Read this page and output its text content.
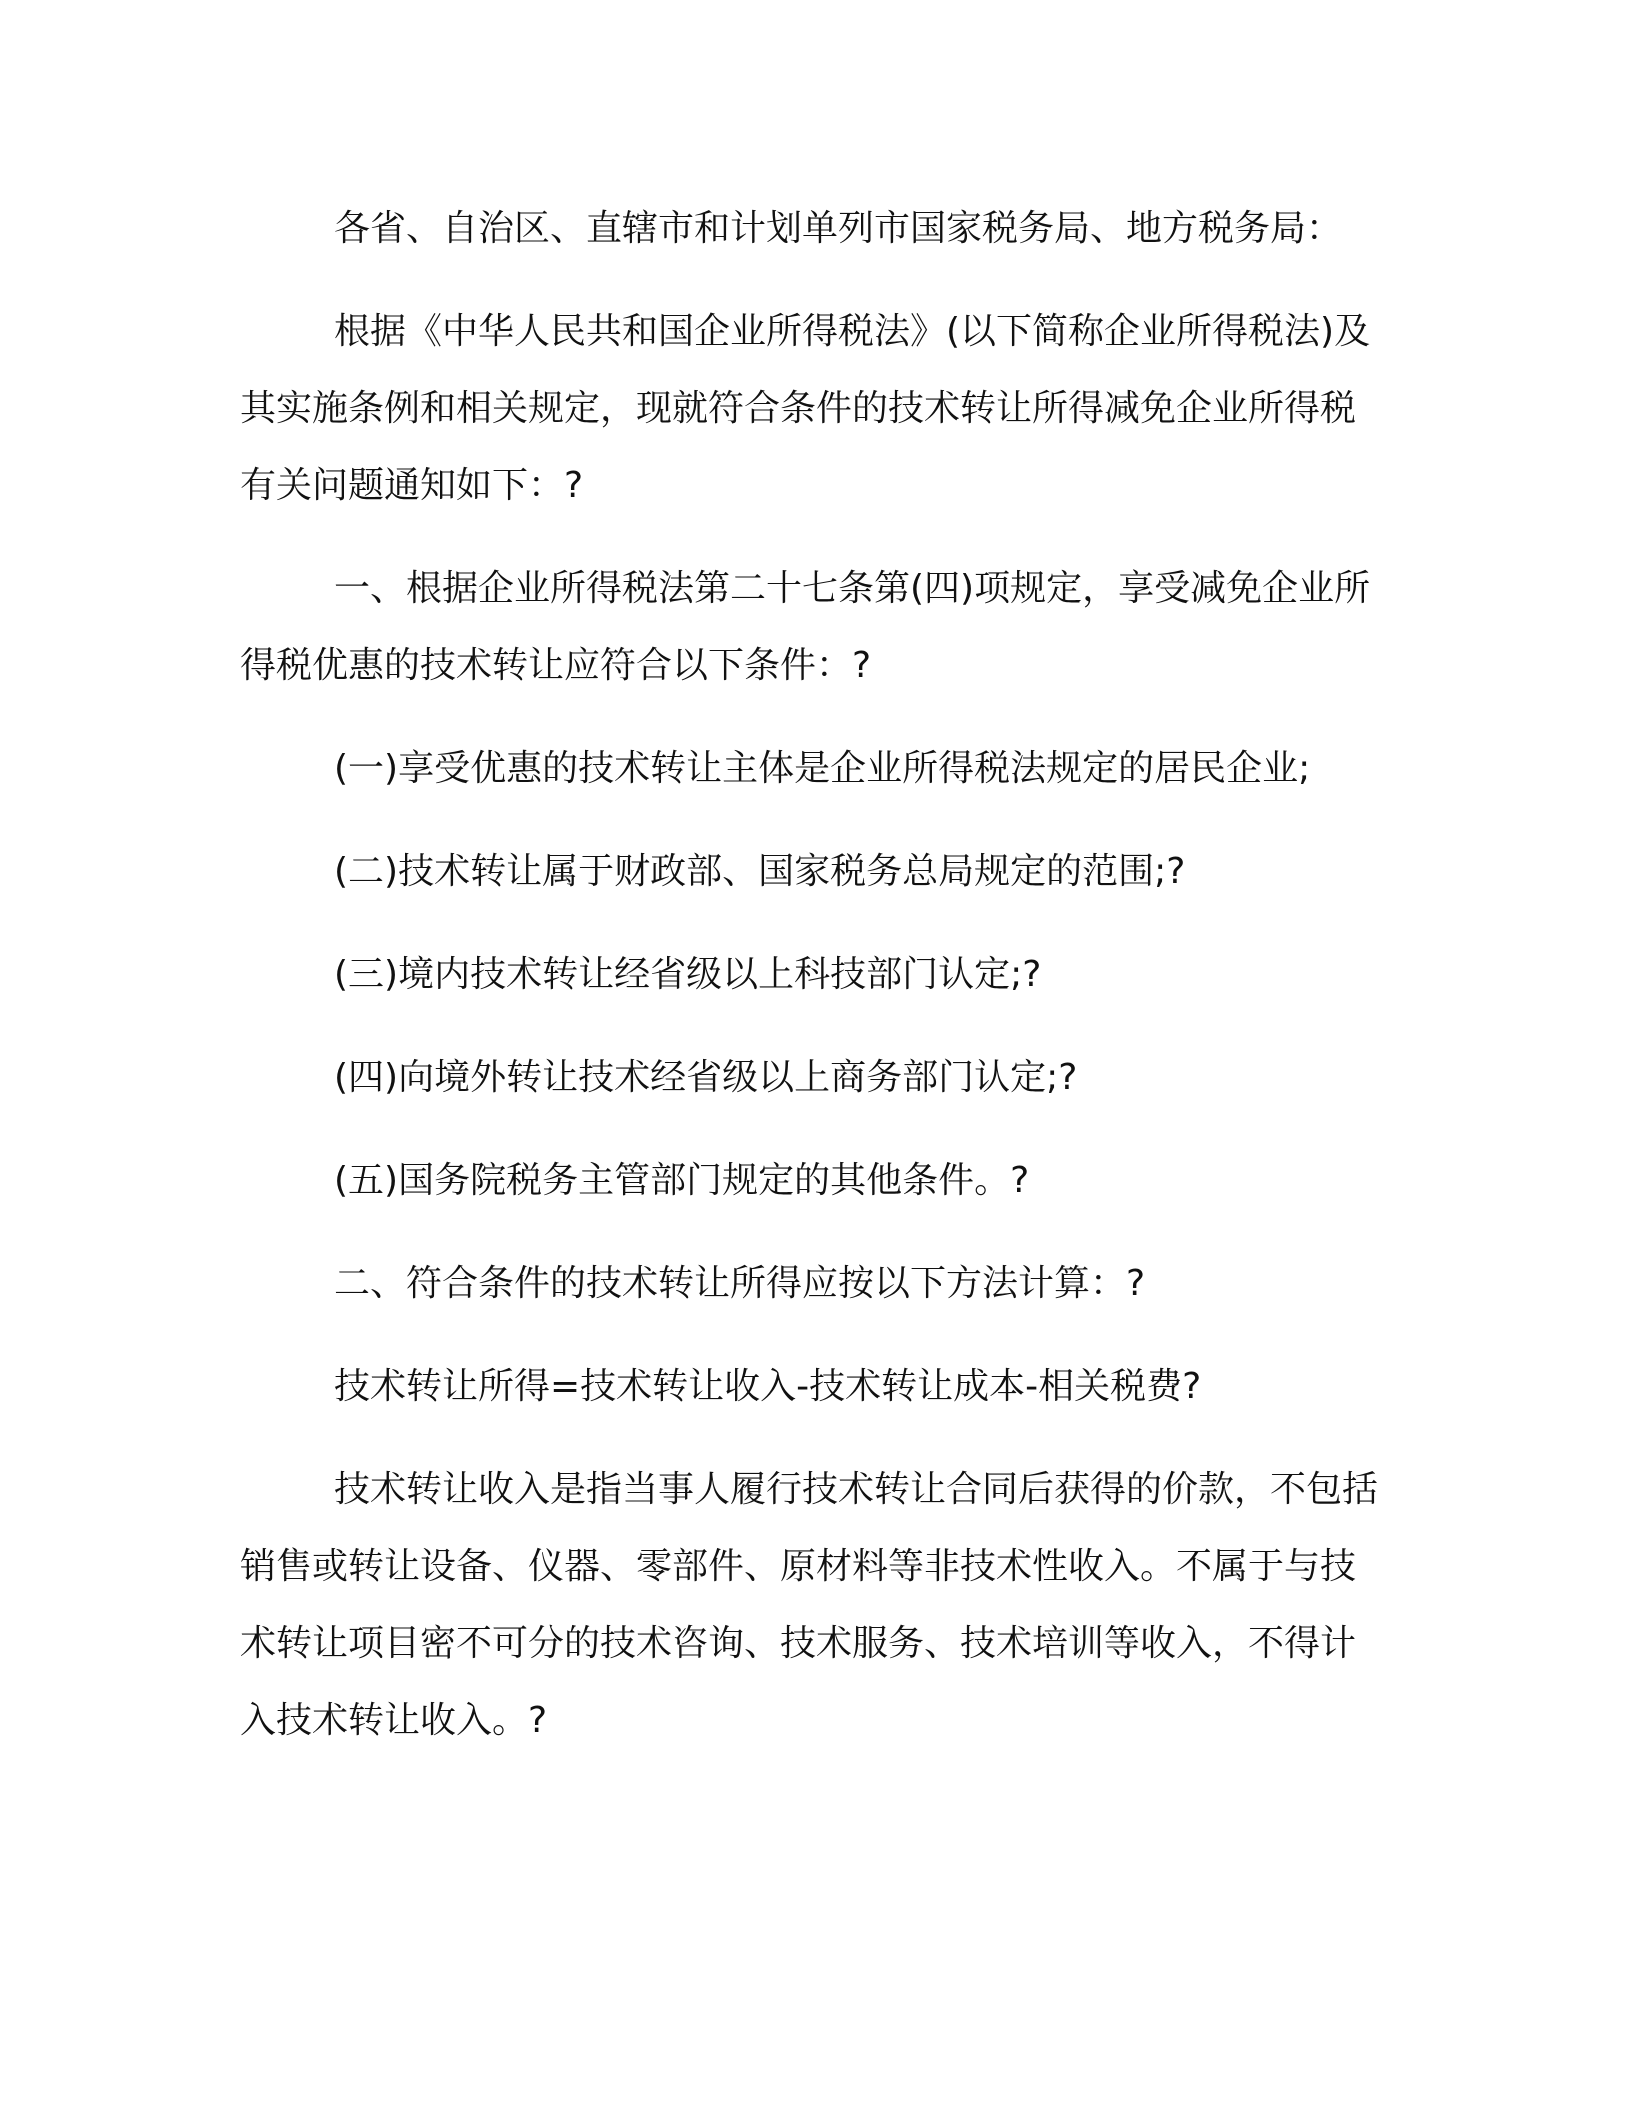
各省、自治区、直辖市和计划单列市国家税务局、地方税务局：

根据《中华人民共和国企业所得税法》(以下简称企业所得税法)及其实施条例和相关规定，现就符合条件的技术转让所得减免企业所得税有关问题通知如下：?

一、根据企业所得税法第二十七条第(四)项规定，享受减免企业所得税优惠的技术转让应符合以下条件：?

(一)享受优惠的技术转让主体是企业所得税法规定的居民企业;

(二)技术转让属于财政部、国家税务总局规定的范围;?

(三)境内技术转让经省级以上科技部门认定;?

(四)向境外转让技术经省级以上商务部门认定;?

(五)国务院税务主管部门规定的其他条件。?

二、符合条件的技术转让所得应按以下方法计算：?

技术转让所得=技术转让收入-技术转让成本-相关税费?

技术转让收入是指当事人履行技术转让合同后获得的价款，不包括销售或转让设备、仪器、零部件、原材料等非技术性收入。不属于与技术转让项目密不可分的技术咨询、技术服务、技术培训等收入，不得计入技术转让收入。?
